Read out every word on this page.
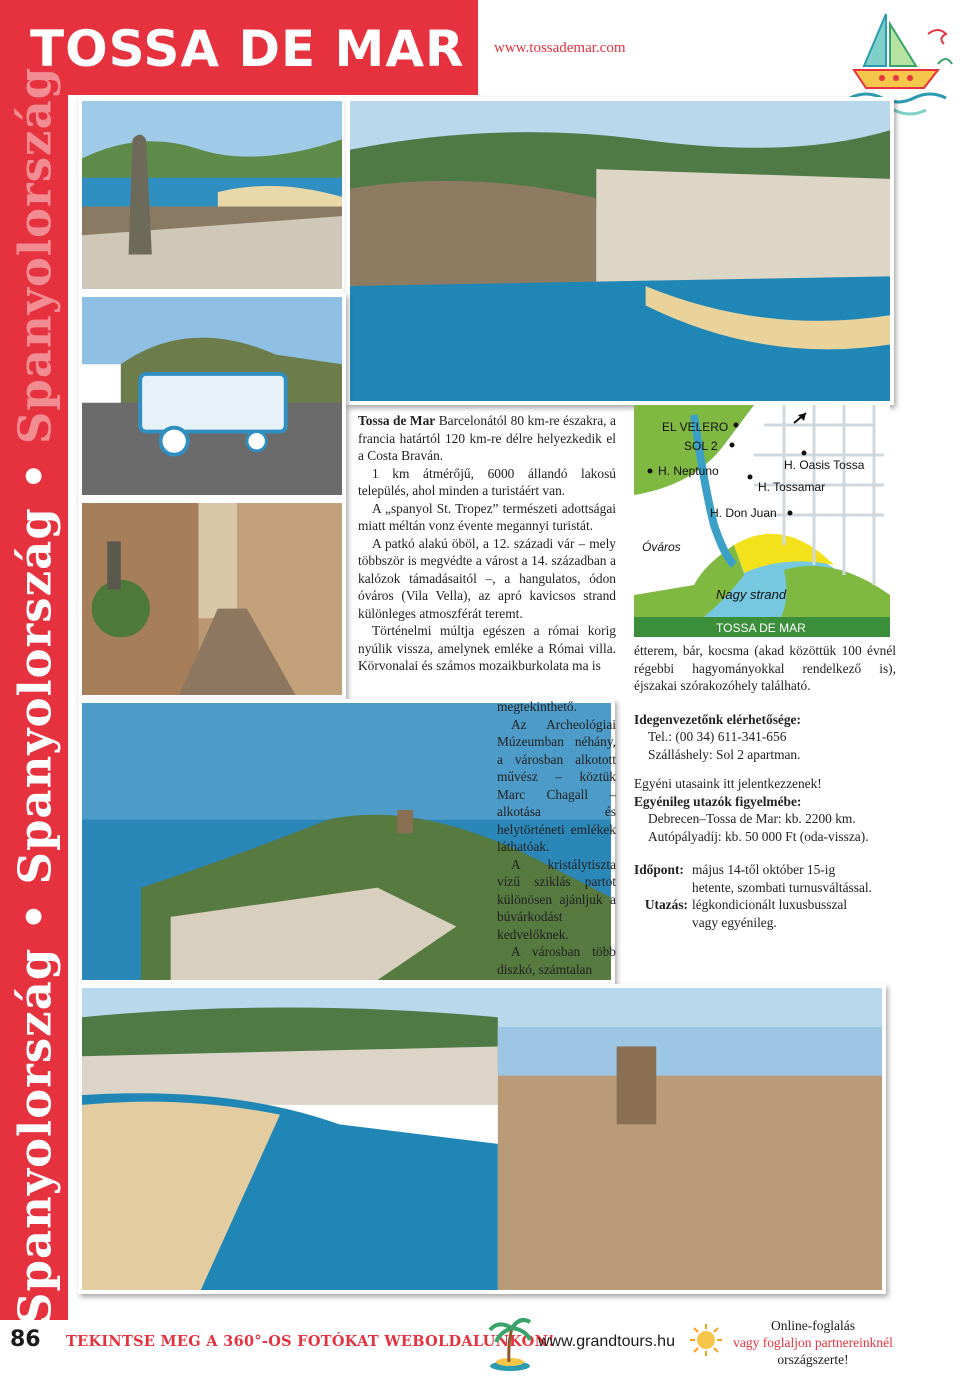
TOSSA DE MAR www.tossademar.com
Spanyolország • Spanyolország • Spanyolország	Tossa de Mar Barcelonától 80 km-re északra, a francia határtól 120 km-re délre helyezkedik el a Costa Braván.

1 km átmérőjű, 6000 állandó lakosú település, ahol minden a turistáért van.

A „spanyol St. Tropez” természeti adottságai miatt méltán vonz évente megannyi turistát.

A patkó alakú öböl, a 12. századi vár – mely többször is megvédte a várost a 14. században a kalózok támadásaitól –, a hangulatos, ódon óváros (Vila Vella), az apró kavicsos strand különleges atmoszférát teremt.

Történelmi múltja egészen a római korig nyúlik vissza, amelynek emléke a Római villa. Körvonalai és számos mozaikburkolata ma is

megtekinthető.

Az Archeológiai Múzeumban néhány, a városban alkotott művész – köztük Marc Chagall – alkotása és helytörténeti emlékek láthatóak.

A kristálytiszta vízű sziklás partot különösen ajánljuk a búvárkodást kedvelőknek.

A városban több diszkó, számtalan

EL VELERO
SOL 2
H. Neptuno	H. Oasis Tossa
H. Tossamar
H. Don Juan
Óváros
Nagy strand
TOSSA DE MAR
étterem, bár, kocsma (akad közöttük 100 évnél régebbi hagyományokkal rendelkező is), éjszakai szórakozóhely található.
Idegenvezetőnk elérhetősége:
Tel.: (00 34) 611-341-656
Szálláshely: Sol 2 apartman.
Egyéni utasaink itt jelentkezzenek!
Egyénileg utazók figyelmébe:
Debrecen–Tossa de Mar: kb. 2200 km.
Autópályadíj: kb. 50 000 Ft (oda-vissza).
Időpont: május 14-től október 15-ig
hetente, szombati turnusváltással.
Utazás: légkondicionált luxusbusszal
vagy egyénileg.
86 TEKINTSE MEG A 360°-OS FOTÓKAT WEBOLDALUNKON!
www.grandtours.hu
Online-foglalás
vagy foglaljon partnereinknél
országszerte!
